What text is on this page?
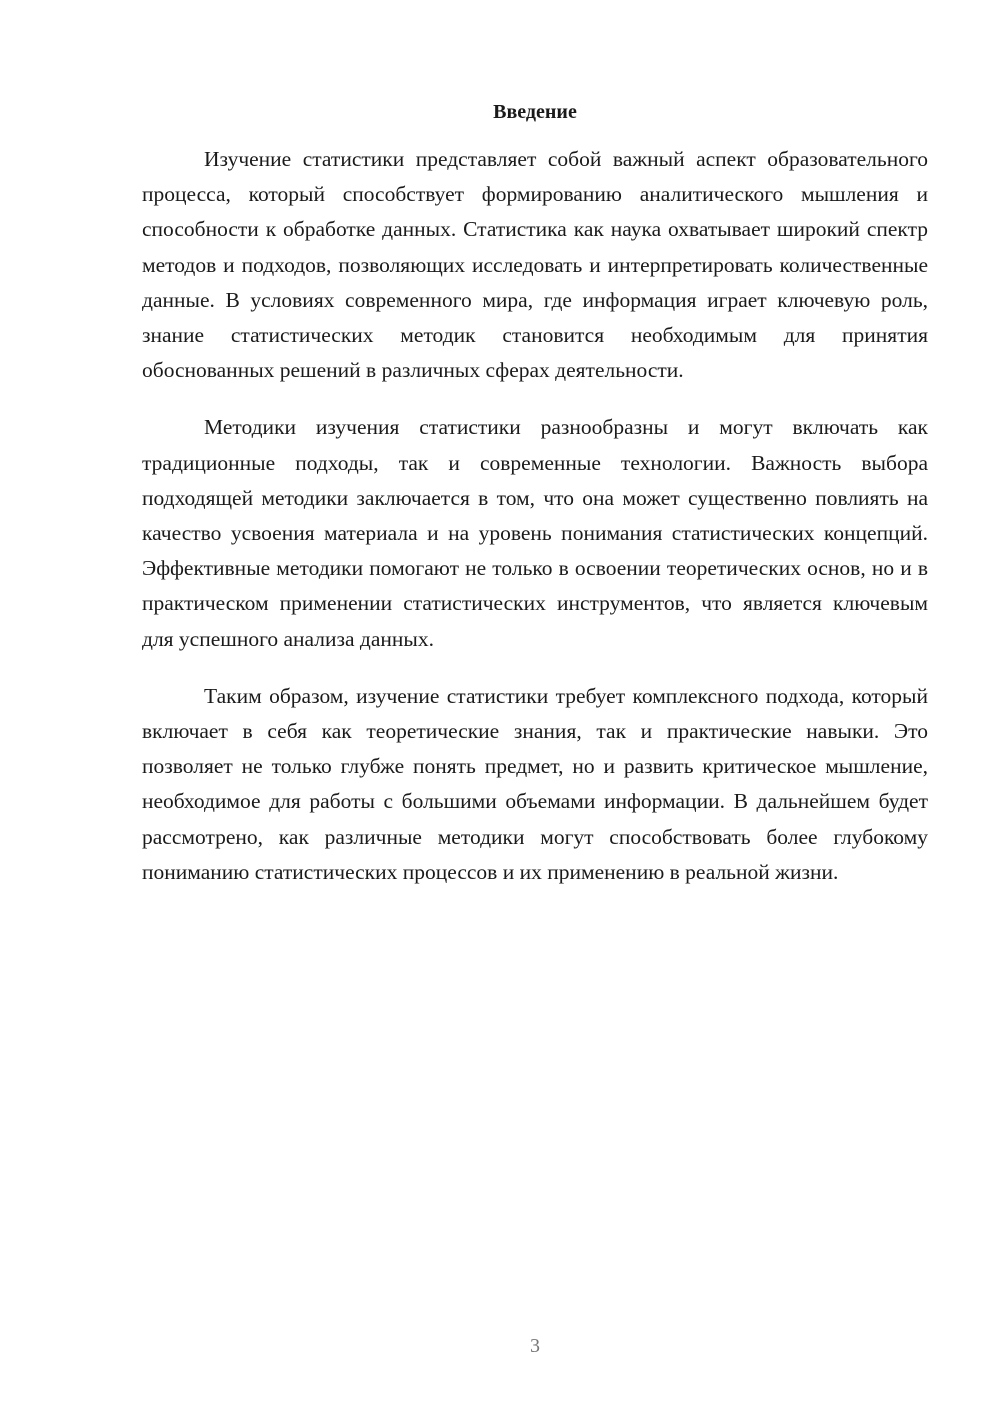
Введение

Изучение статистики представляет собой важный аспект образовательного процесса, который способствует формированию аналитического мышления и способности к обработке данных. Статистика как наука охватывает широкий спектр методов и подходов, позволяющих исследовать и интерпретировать количественные данные. В условиях современного мира, где информация играет ключевую роль, знание статистических методик становится необходимым для принятия обоснованных решений в различных сферах деятельности.

Методики изучения статистики разнообразны и могут включать как традиционные подходы, так и современные технологии. Важность выбора подходящей методики заключается в том, что она может существенно повлиять на качество усвоения материала и на уровень понимания статистических концепций. Эффективные методики помогают не только в освоении теоретических основ, но и в практическом применении статистических инструментов, что является ключевым для успешного анализа данных.

Таким образом, изучение статистики требует комплексного подхода, который включает в себя как теоретические знания, так и практические навыки. Это позволяет не только глубже понять предмет, но и развить критическое мышление, необходимое для работы с большими объемами информации. В дальнейшем будет рассмотрено, как различные методики могут способствовать более глубокому пониманию статистических процессов и их применению в реальной жизни.

3
